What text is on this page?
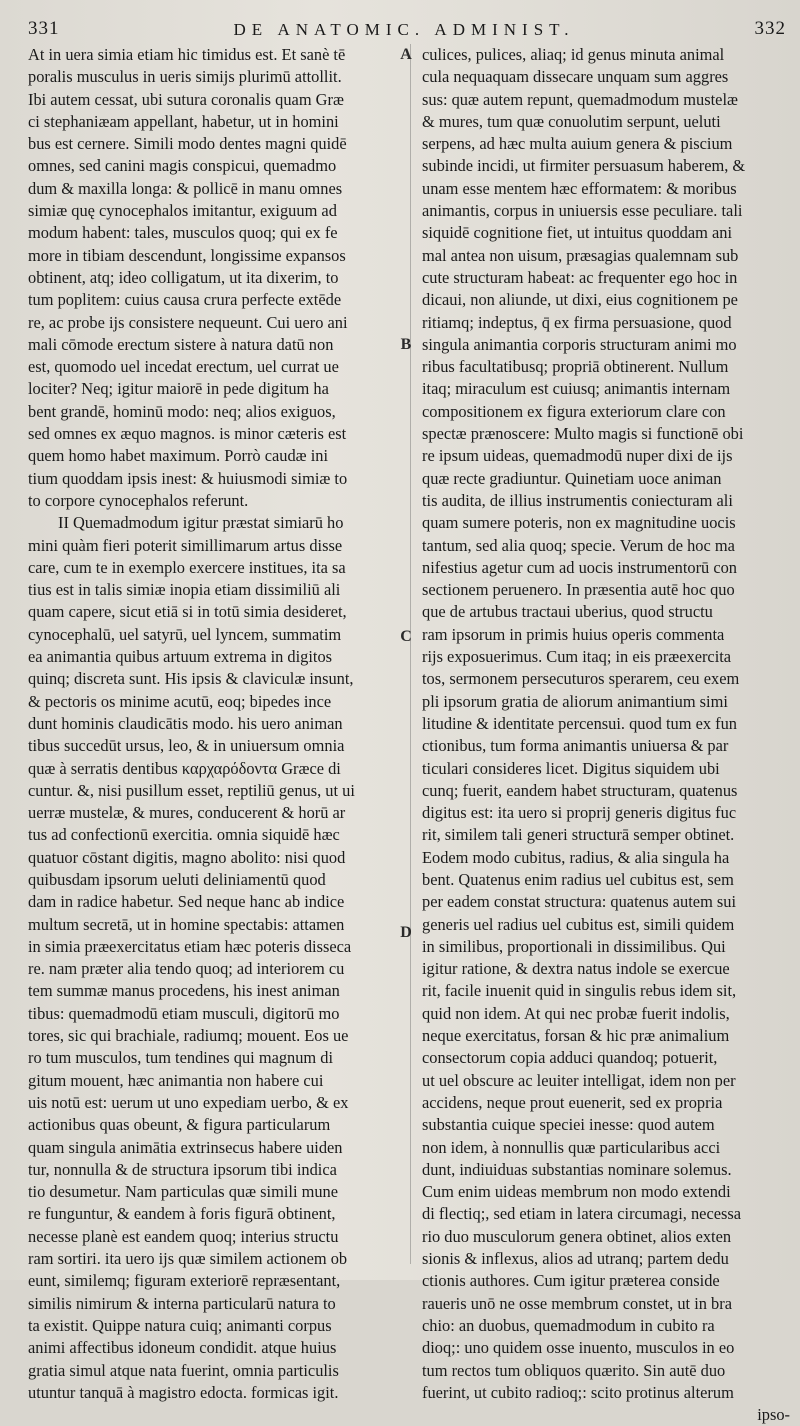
331	DE ANATOMIC. ADMINIST.	332
A
B
C
D
At in uera simia etiam hic timidus est. Et sanè tē
poralis musculus in ueris simijs plurimū attollit.
Ibi autem cessat, ubi sutura coronalis quam Græ
ci stephaniæam appellant, habetur, ut in homini
bus est cernere. Simili modo dentes magni quidē
omnes, sed canini magis conspicui, quemadmo
dum & maxilla longa: & pollicē in manu omnes
simiæ quę cynocephalos imitantur, exiguum ad
modum habent: tales, musculos quoq; qui ex fe
more in tibiam descendunt, longissime expansos
obtinent, atq; ideo colligatum, ut ita dixerim, to
tum poplitem: cuius causa crura perfecte extēde
re, ac probe ijs consistere nequeunt. Cui uero ani
mali cōmode erectum sistere à natura datū non
est, quomodo uel incedat erectum, uel currat ue
lociter? Neq; igitur maiorē in pede digitum ha
bent grandē, hominū modo: neq; alios exiguos,
sed omnes ex æquo magnos. is minor cæteris est
quem homo habet maximum. Porrò caudæ ini
tium quoddam ipsis inest: & huiusmodi simiæ to
to corpore cynocephalos referunt.
II Quemadmodum igitur præstat simiarū ho
mini quàm fieri poterit simillimarum artus disse
care, cum te in exemplo exercere institues, ita sa
tius est in talis simiæ inopia etiam dissimiliū ali
quam capere, sicut etiā si in totū simia desideret,
cynocephalū, uel satyrū, uel lyncem, summatim
ea animantia quibus artuum extrema in digitos
quinq; discreta sunt. His ipsis & claviculæ insunt,
& pectoris os minime acutū, eoq; bipedes ince
dunt hominis claudicātis modo. his uero animan
tibus succedūt ursus, leo, & in uniuersum omnia
quæ à serratis dentibus καρχαρόδοντα Græce di
cuntur. &, nisi pusillum esset, reptiliū genus, ut ui
uerræ mustelæ, & mures, conducerent & horū ar
tus ad confectionū exercitia. omnia siquidē hæc
quatuor cōstant digitis, magno abolito: nisi quod
quibusdam ipsorum ueluti deliniamentū quod
dam in radice habetur. Sed neque hanc ab indice
multum secretā, ut in homine spectabis: attamen
in simia præexercitatus etiam hæc poteris disseca
re. nam præter alia tendo quoq; ad interiorem cu
tem summæ manus procedens, his inest animan
tibus: quemadmodū etiam musculi, digitorū mo
tores, sic qui brachiale, radiumq; mouent. Eos ue
ro tum musculos, tum tendines qui magnum di
gitum mouent, hæc animantia non habere cui
uis notū est: uerum ut uno expediam uerbo, & ex
actionibus quas obeunt, & figura particularum
quam singula animātia extrinsecus habere uiden
tur, nonnulla & de structura ipsorum tibi indica
tio desumetur. Nam particulas quæ simili mune
re funguntur, & eandem à foris figurā obtinent,
necesse planè est eandem quoq; interius structu
ram sortiri. ita uero ijs quæ similem actionem ob
eunt, similemq; figuram exteriorē repræsentant,
similis nimirum & interna particularū natura to
ta existit. Quippe natura cuiq; animanti corpus
animi affectibus idoneum condidit. atque huius
gratia simul atque nata fuerint, omnia particulis
utuntur tanquā à magistro edocta. formicas igit.
culices, pulices, aliaq; id genus minuta animal
cula nequaquam dissecare unquam sum aggres
sus: quæ autem repunt, quemadmodum mustelæ
& mures, tum quæ conuolutim serpunt, ueluti
serpens, ad hæc multa auium genera & piscium
subinde incidi, ut firmiter persuasum haberem, &
unam esse mentem hæc efformatem: & moribus
animantis, corpus in uniuersis esse peculiare. tali
siquidē cognitione fiet, ut intuitus quoddam ani
mal antea non uisum, præsagias qualemnam sub
cute structuram habeat: ac frequenter ego hoc in
dicaui, non aliunde, ut dixi, eius cognitionem pe
ritiamq; indeptus, q̄ ex firma persuasione, quod
singula animantia corporis structuram animi mo
ribus facultatibusq; propriā obtinerent. Nullum
itaq; miraculum est cuiusq; animantis internam
compositionem ex figura exteriorum clare con
spectæ prænoscere: Multo magis si functionē obi
re ipsum uideas, quemadmodū nuper dixi de ijs
quæ recte gradiuntur. Quinetiam uoce animan
tis audita, de illius instrumentis coniecturam ali
quam sumere poteris, non ex magnitudine uocis
tantum, sed alia quoq; specie. Verum de hoc ma
nifestius agetur cum ad uocis instrumentorū con
sectionem peruenero. In præsentia autē hoc quo
que de artubus tractaui uberius, quod structu
ram ipsorum in primis huius operis commenta
rijs exposuerimus. Cum itaq; in eis præexercita
tos, sermonem persecuturos sperarem, ceu exem
pli ipsorum gratia de aliorum animantium simi
litudine & identitate percensui. quod tum ex fun
ctionibus, tum forma animantis uniuersa & par
ticulari consideres licet. Digitus siquidem ubi
cunq; fuerit, eandem habet structuram, quatenus
digitus est: ita uero si proprij generis digitus fuc
rit, similem tali generi structurā semper obtinet.
Eodem modo cubitus, radius, & alia singula ha
bent. Quatenus enim radius uel cubitus est, sem
per eadem constat structura: quatenus autem sui
generis uel radius uel cubitus est, simili quidem
in similibus, proportionali in dissimilibus. Qui
igitur ratione, & dextra natus indole se exercue
rit, facile inuenit quid in singulis rebus idem sit,
quid non idem. At qui nec probæ fuerit indolis,
neque exercitatus, forsan & hic præ animalium
consectorum copia adduci quandoq; potuerit,
ut uel obscure ac leuiter intelligat, idem non per
accidens, neque prout euenerit, sed ex propria
substantia cuique speciei inesse: quod autem
non idem, à nonnullis quæ particularibus acci
dunt, indiuiduas substantias nominare solemus.
Cum enim uideas membrum non modo extendi
di flectiq;, sed etiam in latera circumagi, necessa
rio duo musculorum genera obtinet, alios exten
sionis & inflexus, alios ad utranq; partem dedu
ctionis authores. Cum igitur præterea conside
raueris unō ne osse membrum constet, ut in bra
chio: an duobus, quemadmodum in cubito ra
dioq;: uno quidem osse inuento, musculos in eo
tum rectos tum obliquos quærito. Sin autē duo
fuerint, ut cubito radioq;: scito protinus alterum
ipso-
